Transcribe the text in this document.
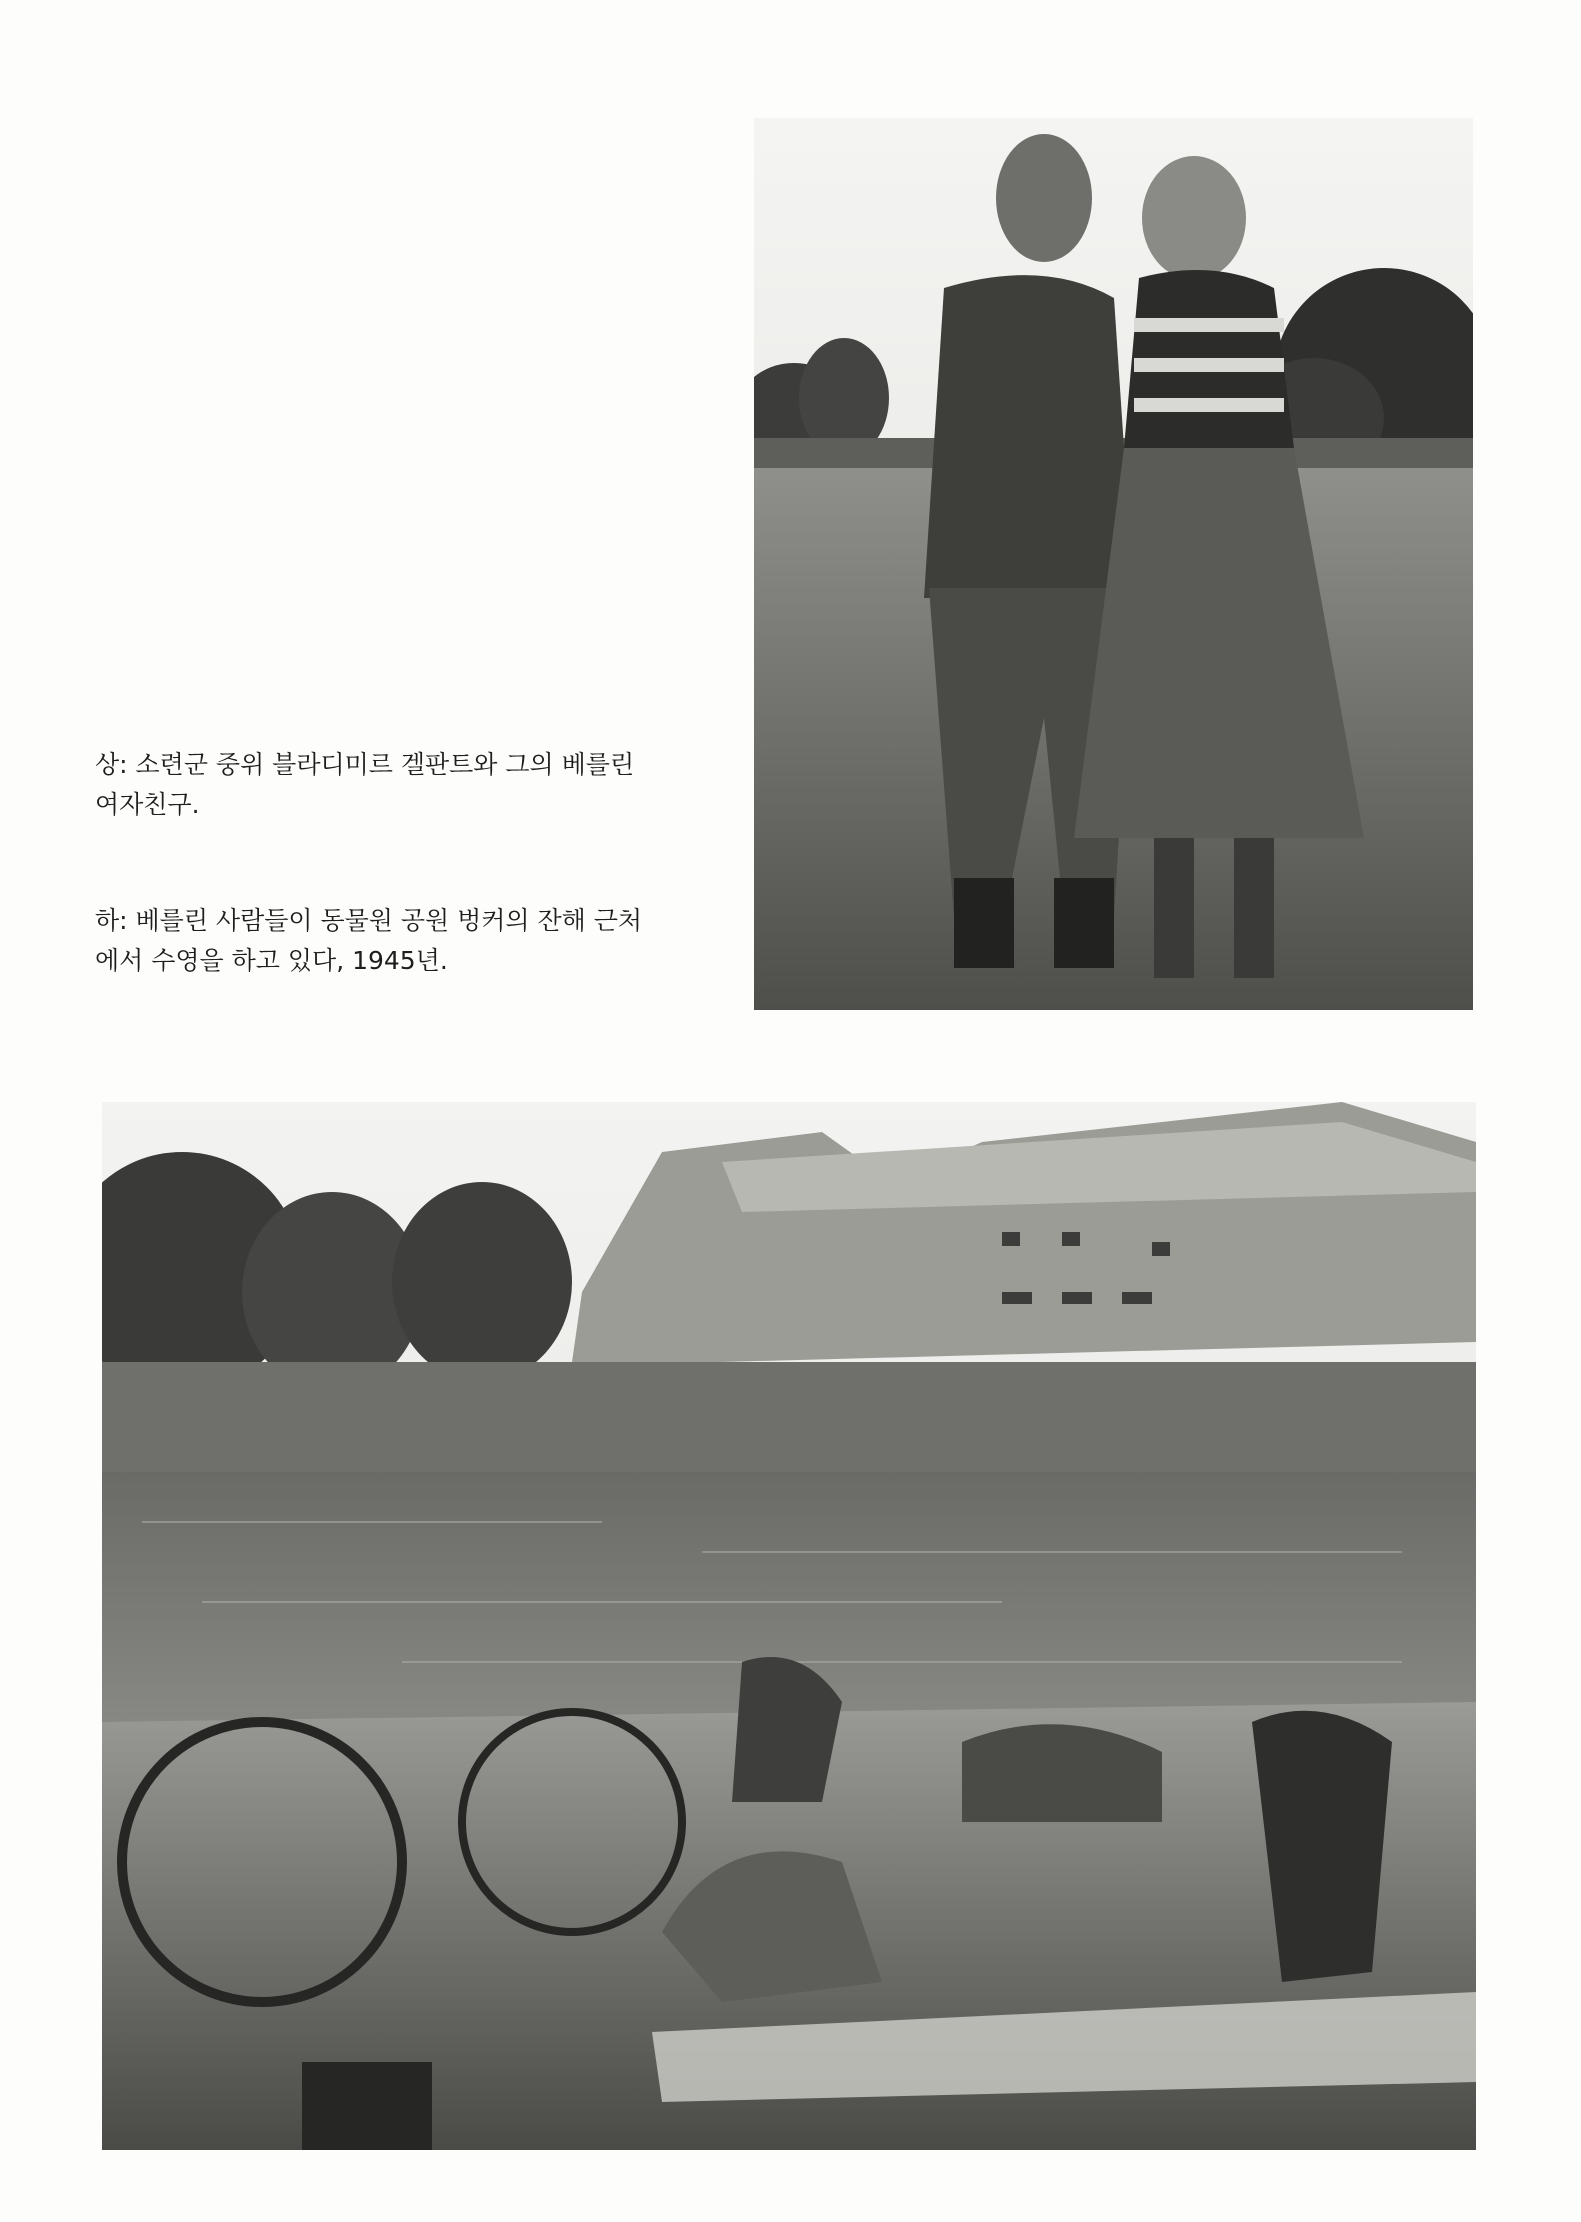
상: 소련군 중위 블라디미르 겔판트와 그의 베를린
여자친구.

하: 베를린 사람들이 동물원 공원 벙커의 잔해 근처
에서 수영을 하고 있다, 1945년.
